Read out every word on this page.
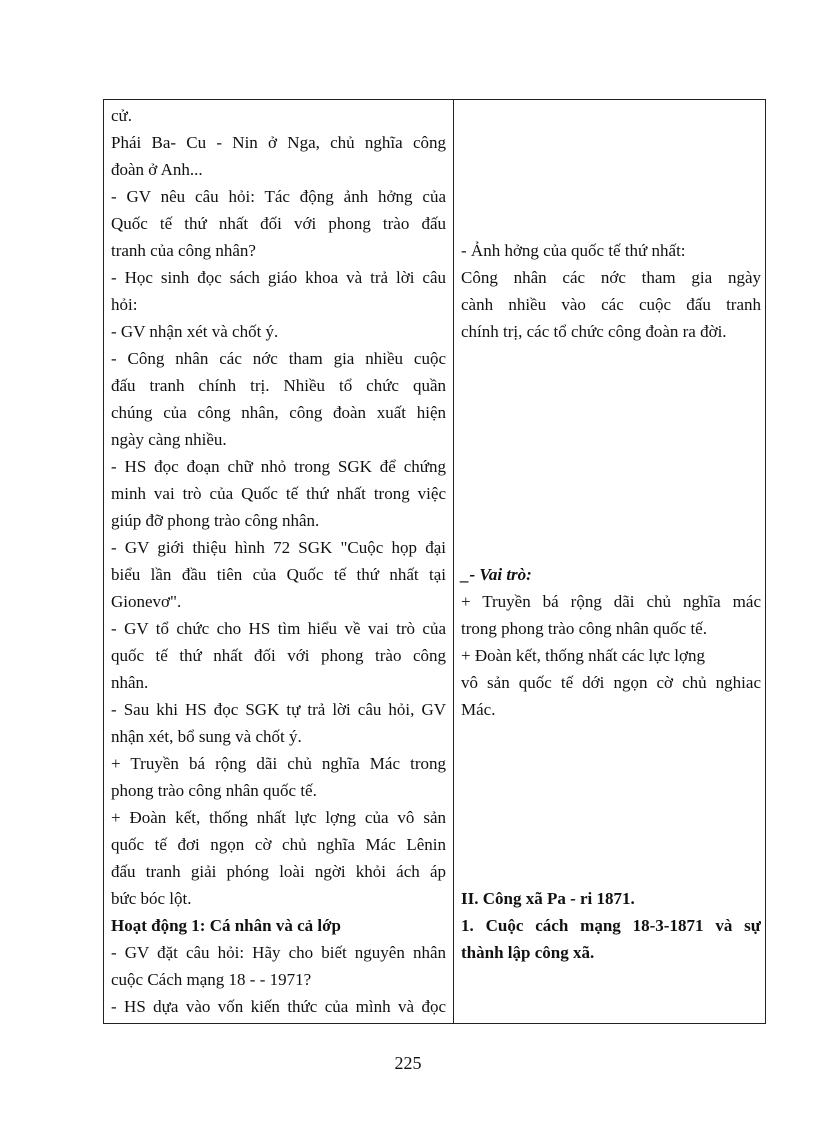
cử.
Phái Ba- Cu - Nin ở Nga, chủ nghĩa công
đoàn ở Anh...
- GV nêu câu hỏi: Tác động ảnh hởng của
Quốc tế thứ nhất đối với phong trào đấu
tranh của công nhân?
- Học sinh đọc sách giáo khoa và trả lời câu
hỏi:
- GV nhận xét và chốt ý.
- Công nhân các nớc tham gia nhiều cuộc
đấu tranh chính trị. Nhiều tổ chức quần
chúng của công nhân, công đoàn xuất hiện
ngày càng nhiều.
- HS đọc đoạn chữ nhỏ trong SGK để chứng
minh vai trò của Quốc tế thứ nhất trong việc
giúp đỡ phong trào công nhân.
- GV giới thiệu hình 72 SGK "Cuộc họp đại
biểu lần đầu tiên của Quốc tế thứ nhất tại
Gionevơ".
- GV tổ chức cho HS tìm hiểu về vai trò của
quốc tế thứ nhất đối với phong trào công
nhân.
- Sau khi HS đọc SGK tự trả lời câu hỏi, GV
nhận xét, bổ sung và chốt ý.
+ Truyền bá rộng dãi chủ nghĩa Mác trong
phong trào công nhân quốc tế.
+ Đoàn kết, thống nhất lực lợng của vô sản
quốc tế đơi ngọn cờ chủ nghĩa Mác Lênin
đấu tranh giải phóng loài ngời khỏi ách áp
bức bóc lột.
Hoạt động 1: Cá nhân và cả lớp
- GV đặt câu hỏi: Hãy cho biết nguyên nhân
cuộc Cách mạng 18 - - 1971?
- HS dựa vào vốn kiến thức của mình và đọc
- Ảnh hởng của quốc tế thứ nhất:
Công nhân các nớc tham gia ngày
cành nhiều vào các cuộc đấu tranh
chính trị, các tổ chức công đoàn ra đời.
_- Vai trò:
+ Truyền bá rộng dãi chủ nghĩa mác
trong phong trào công nhân quốc tế.
+ Đoàn kết, thống nhất các lực lợng
vô sản quốc tế dới ngọn cờ chủ nghiac
Mác.
II. Công xã Pa - ri 1871.
1. Cuộc cách mạng 18-3-1871 và sự
thành lập công xã.
225
